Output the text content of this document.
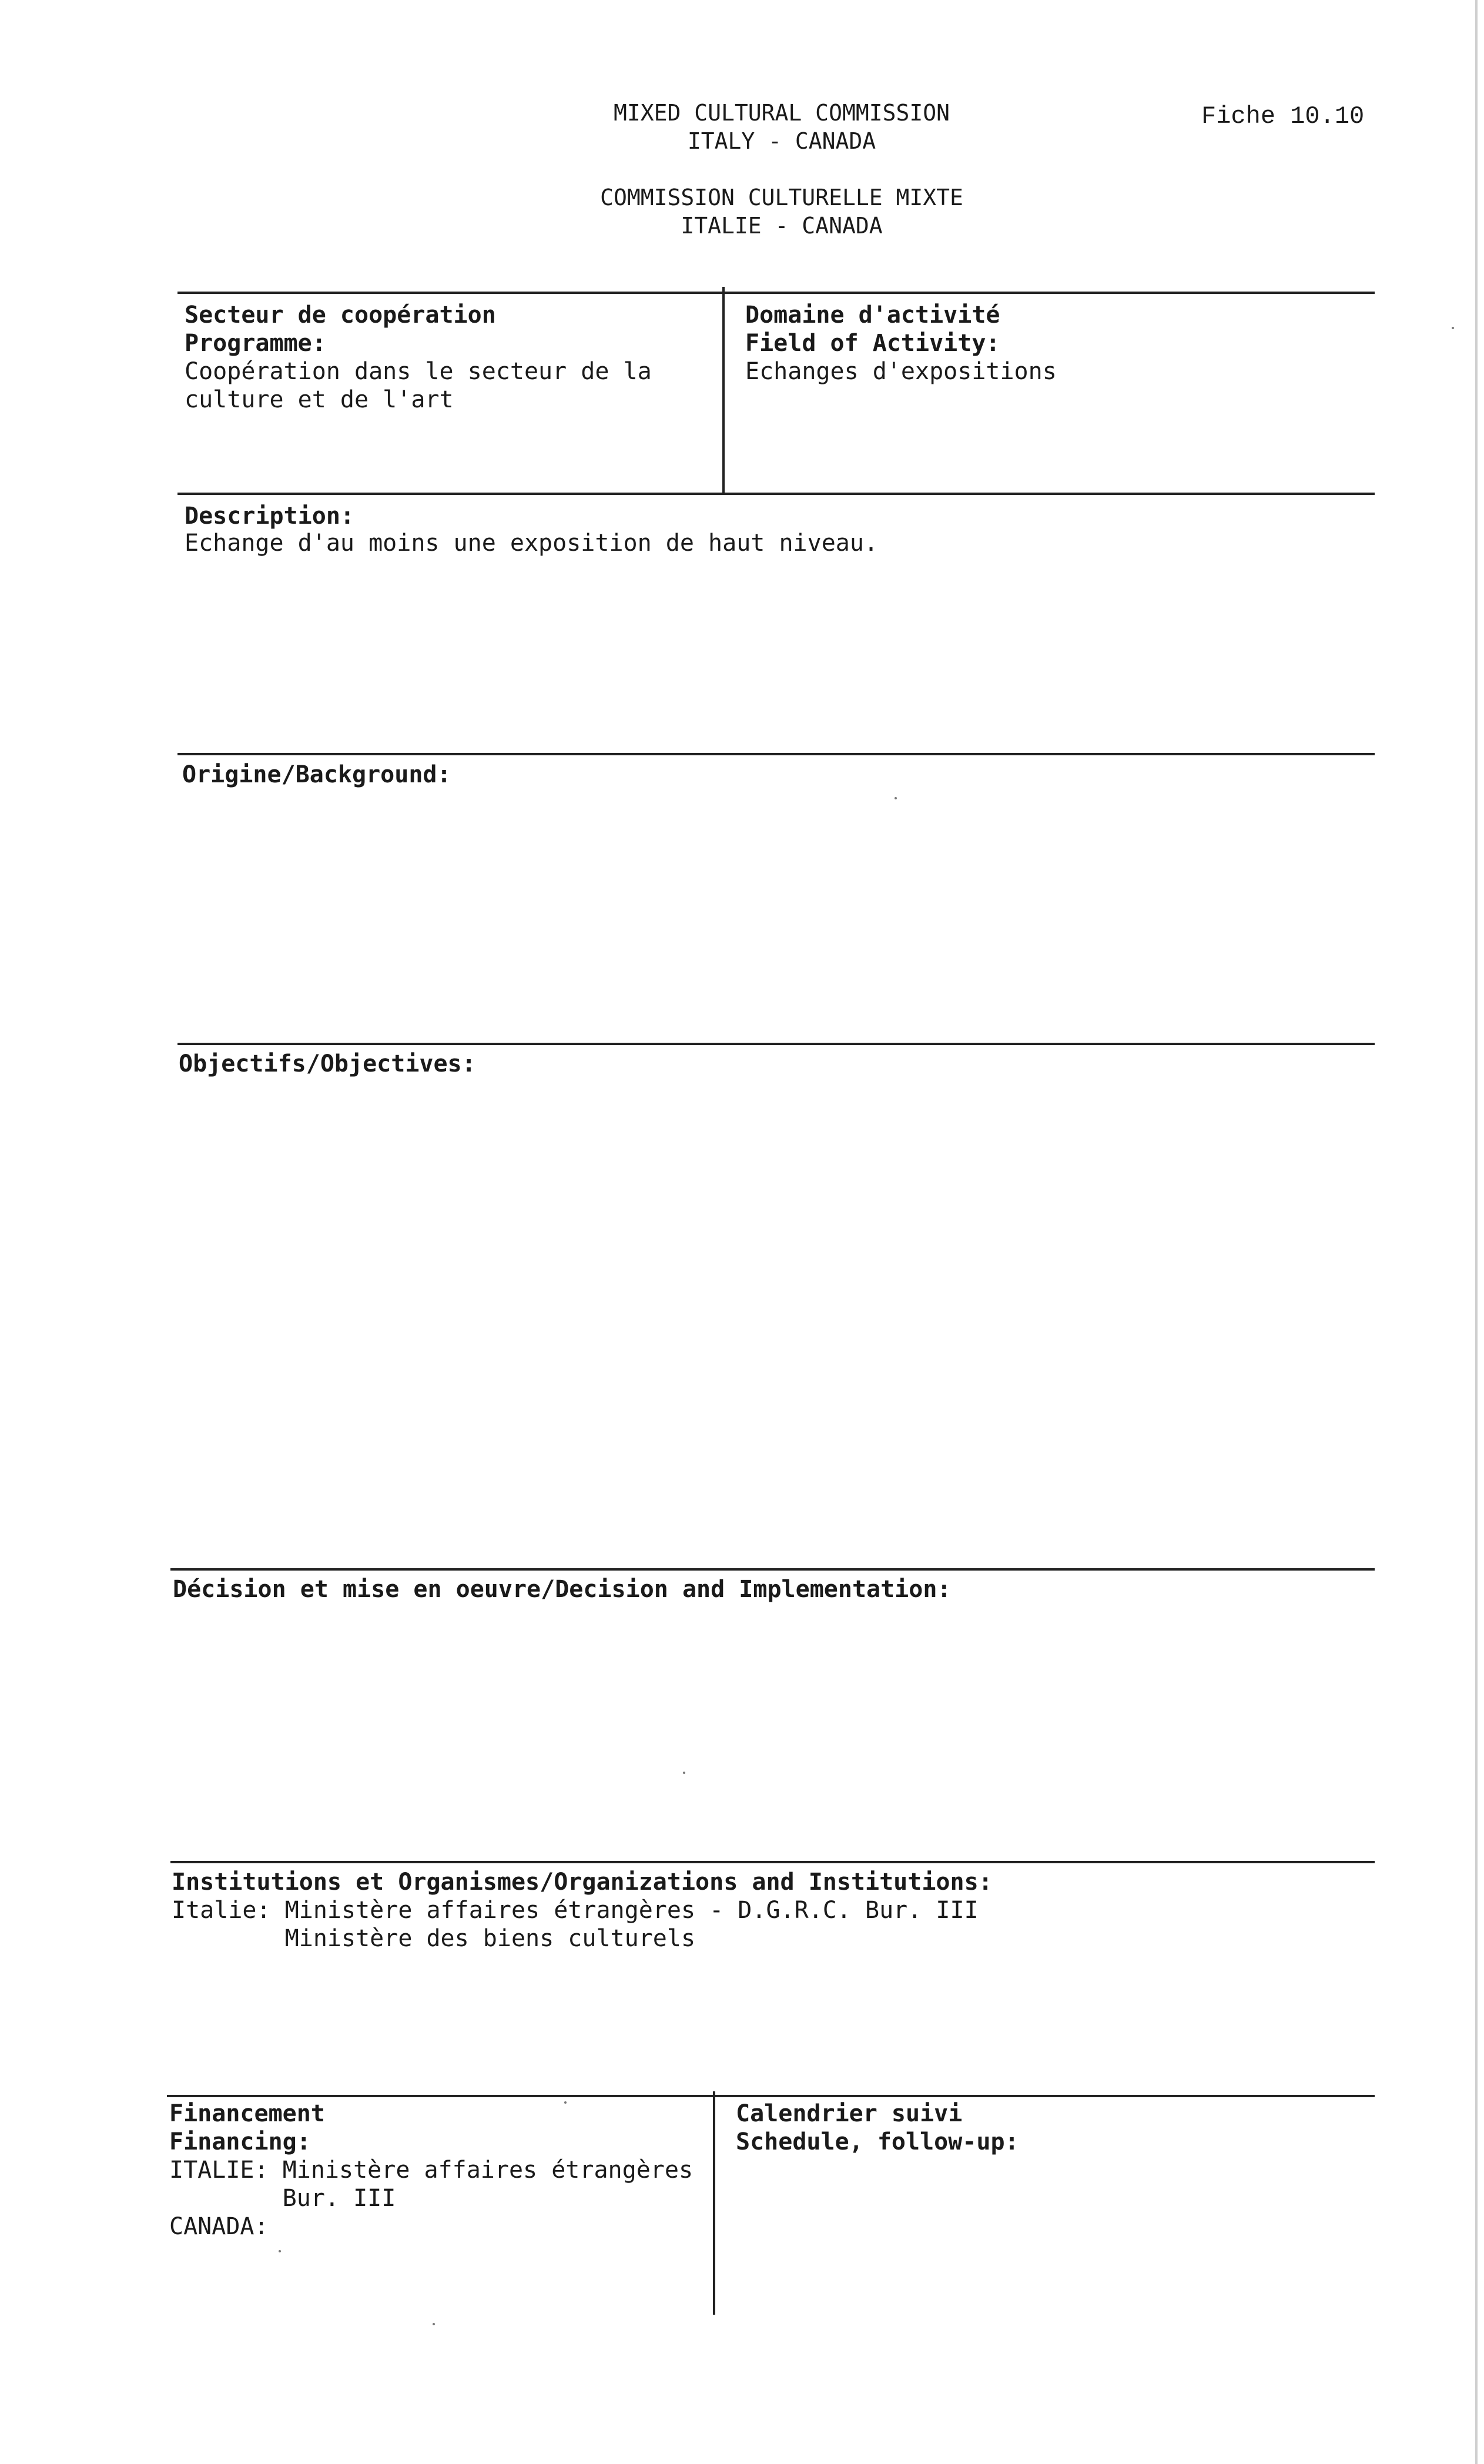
MIXED CULTURAL COMMISSION
ITALY - CANADA
COMMISSION CULTURELLE MIXTE
ITALIE - CANADA
Fiche 10.10
Secteur de coopération
Programme:
Coopération dans le secteur de la
culture et de l'art
Domaine d'activité
Field of Activity:
Echanges d'expositions
Description:
Echange d'au moins une exposition de haut niveau.
Origine/Background:
Objectifs/Objectives:
Décision et mise en oeuvre/Decision and Implementation:
Institutions et Organismes/Organizations and Institutions:
Italie: Ministère affaires étrangères - D.G.R.C. Bur. III
Ministère des biens culturels
Financement
Financing:
ITALIE: Ministère affaires étrangères
Bur. III
CANADA:
Calendrier suivi
Schedule, follow-up:
